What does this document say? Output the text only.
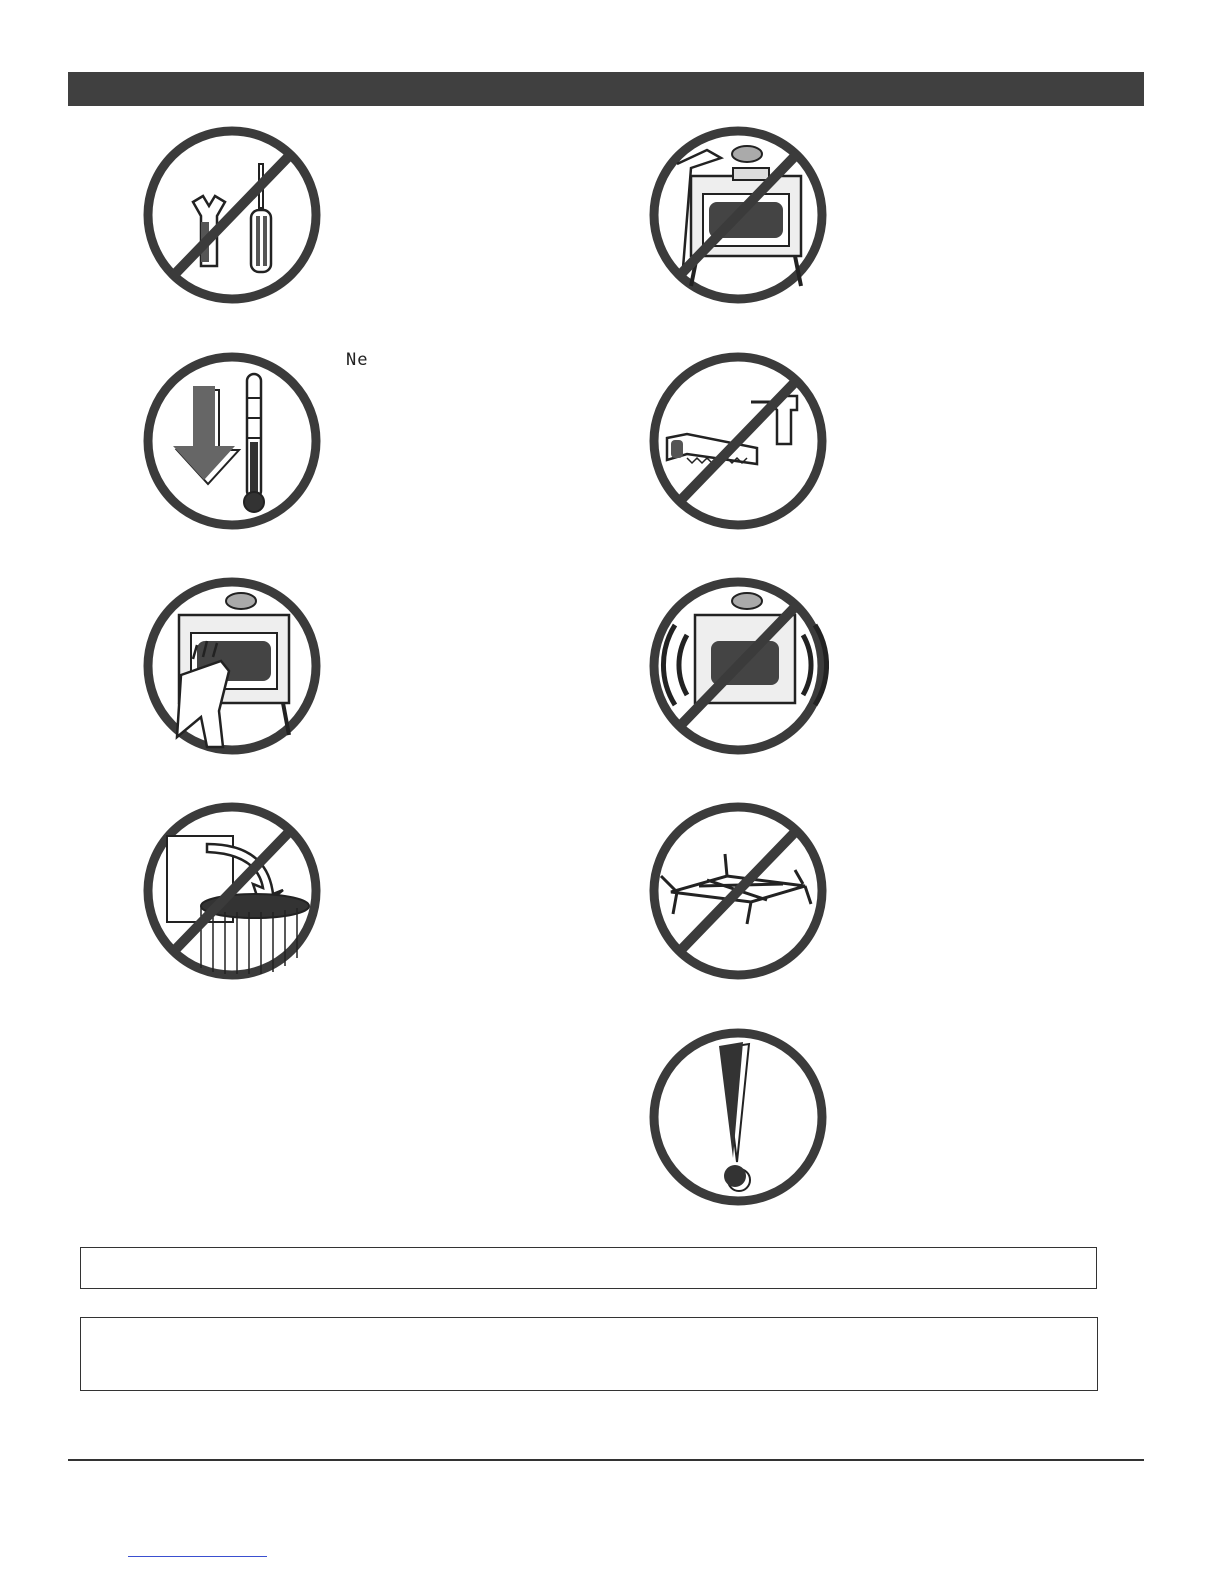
Ne
